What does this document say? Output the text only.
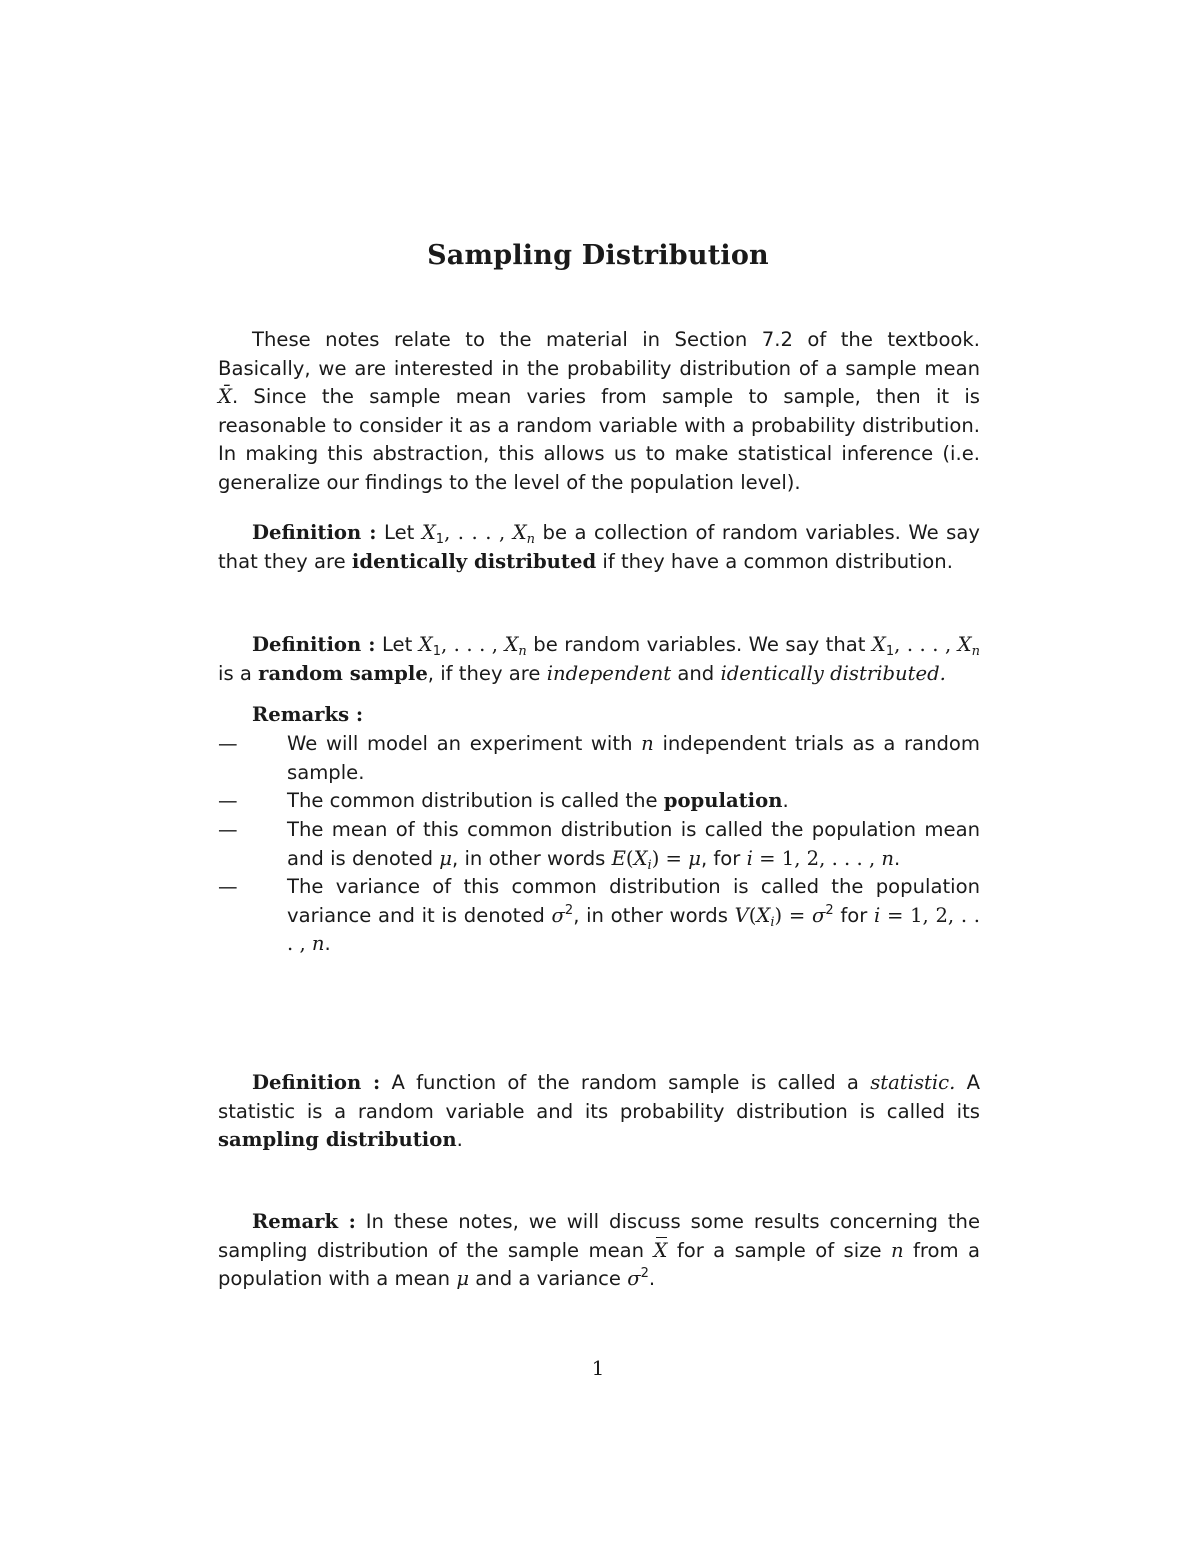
Sampling Distribution

These notes relate to the material in Section 7.2 of the textbook. Basically, we are interested in the probability distribution of a sample mean X̄. Since the sample mean varies from sample to sample, then it is reasonable to consider it as a random variable with a probability distribution. In making this abstraction, this allows us to make statistical inference (i.e. generalize our findings to the level of the population level).

Definition : Let $X_1$, . . . , $X_n$ be a collection of random variables. We say that they are identically distributed if they have a common distribution.

Definition : Let $X_1$, . . . , $X_n$ be random variables. We say that $X_1$, . . . , $X_n$ is a random sample, if they are independent and identically distributed.

Remarks :
—	We will model an experiment with n independent trials as a random sample.
—	The common distribution is called the population.
—	The mean of this common distribution is called the population mean and is denoted μ, in other words $E(X_i) = \mu$, for i = 1, 2, . . . , n.
—	The variance of this common distribution is called the population variance and it is denoted $\sigma^2$, in other words $V(X_i) = \sigma^2$ for i = 1, 2, . . . , n.

Definition : A function of the random sample is called a statistic. A statistic is a random variable and its probability distribution is called its sampling distribution.

Remark : In these notes, we will discuss some results concerning the sampling distribution of the sample mean X for a sample of size n from a population with a mean μ and a variance $\sigma^2$.

1
